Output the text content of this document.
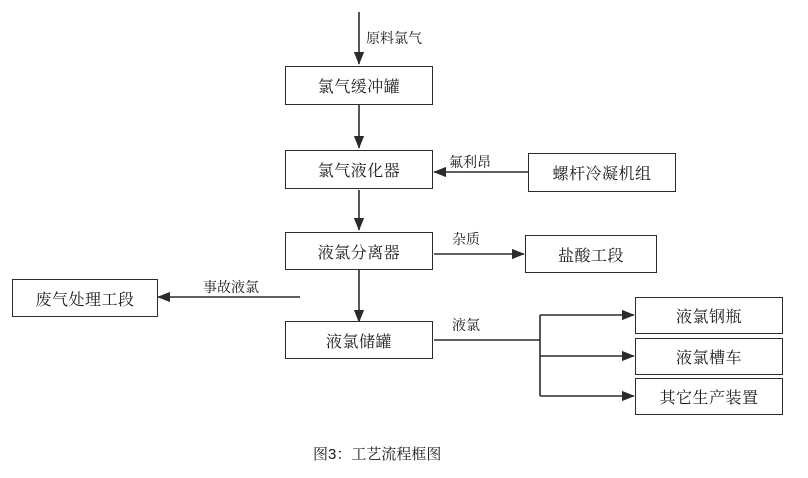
氯气缓冲罐
氯气液化器	螺杆冷凝机组
液氯分离器	盐酸工段
废气处理工段
液氯储罐
液氯钢瓶
液氯槽车
其它生产装置
原料氯气
氟利昂
杂质
事故液氯
液氯
图3：工艺流程框图
